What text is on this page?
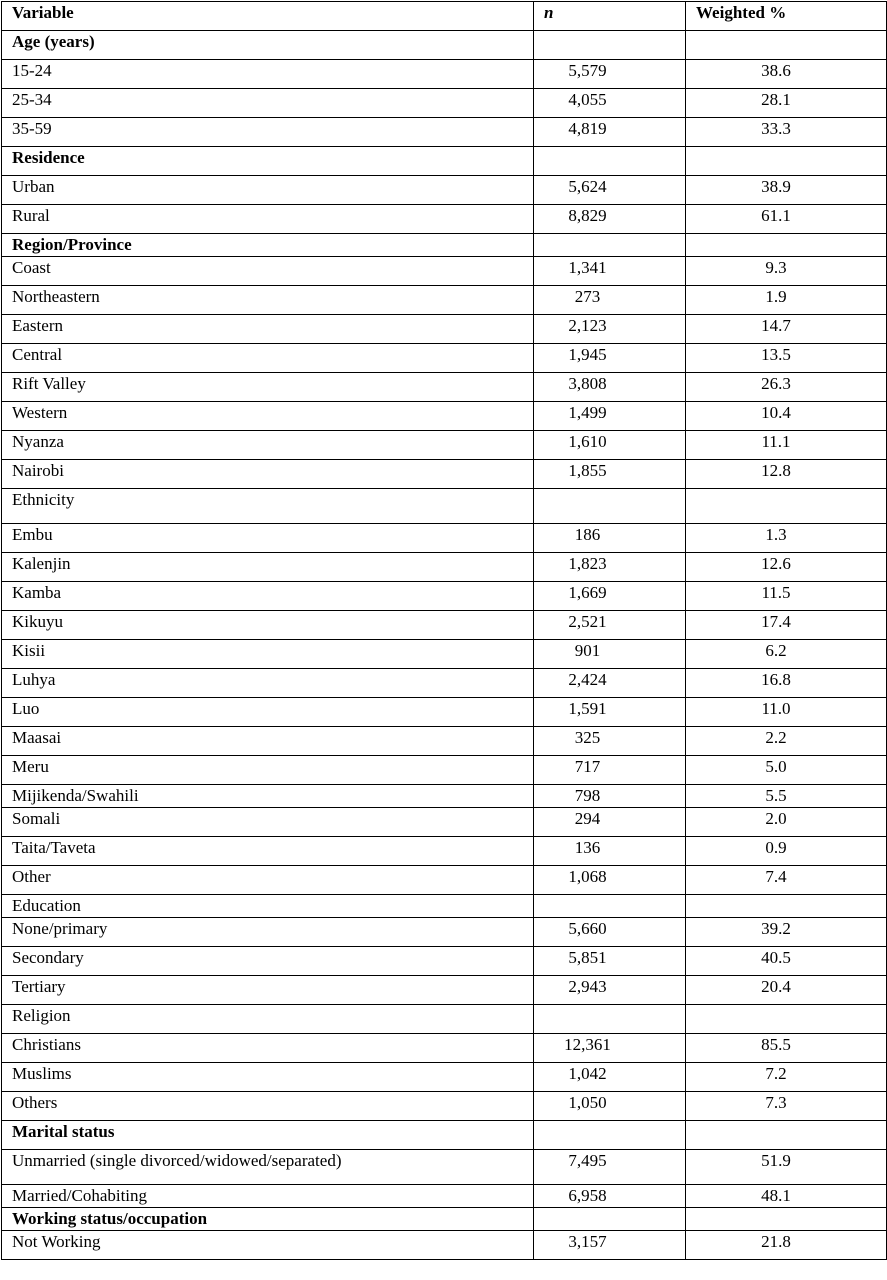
Variable	n	Weighted %
Age (years)		
15-24	5,579	38.6
25-34	4,055	28.1
35-59	4,819	33.3
Residence		
Urban	5,624	38.9
Rural	8,829	61.1
Region/Province		
Coast	1,341	9.3
Northeastern	273	1.9
Eastern	2,123	14.7
Central	1,945	13.5
Rift Valley	3,808	26.3
Western	1,499	10.4
Nyanza	1,610	11.1
Nairobi	1,855	12.8
Ethnicity		
Embu	186	1.3
Kalenjin	1,823	12.6
Kamba	1,669	11.5
Kikuyu	2,521	17.4
Kisii	901	6.2
Luhya	2,424	16.8
Luo	1,591	11.0
Maasai	325	2.2
Meru	717	5.0
Mijikenda/Swahili	798	5.5
Somali	294	2.0
Taita/Taveta	136	0.9
Other	1,068	7.4
Education		
None/primary	5,660	39.2
Secondary	5,851	40.5
Tertiary	2,943	20.4
Religion		
Christians	12,361	85.5
Muslims	1,042	7.2
Others	1,050	7.3
Marital status		
Unmarried (single divorced/widowed/separated)	7,495	51.9
Married/Cohabiting	6,958	48.1
Working status/occupation		
Not Working	3,157	21.8
